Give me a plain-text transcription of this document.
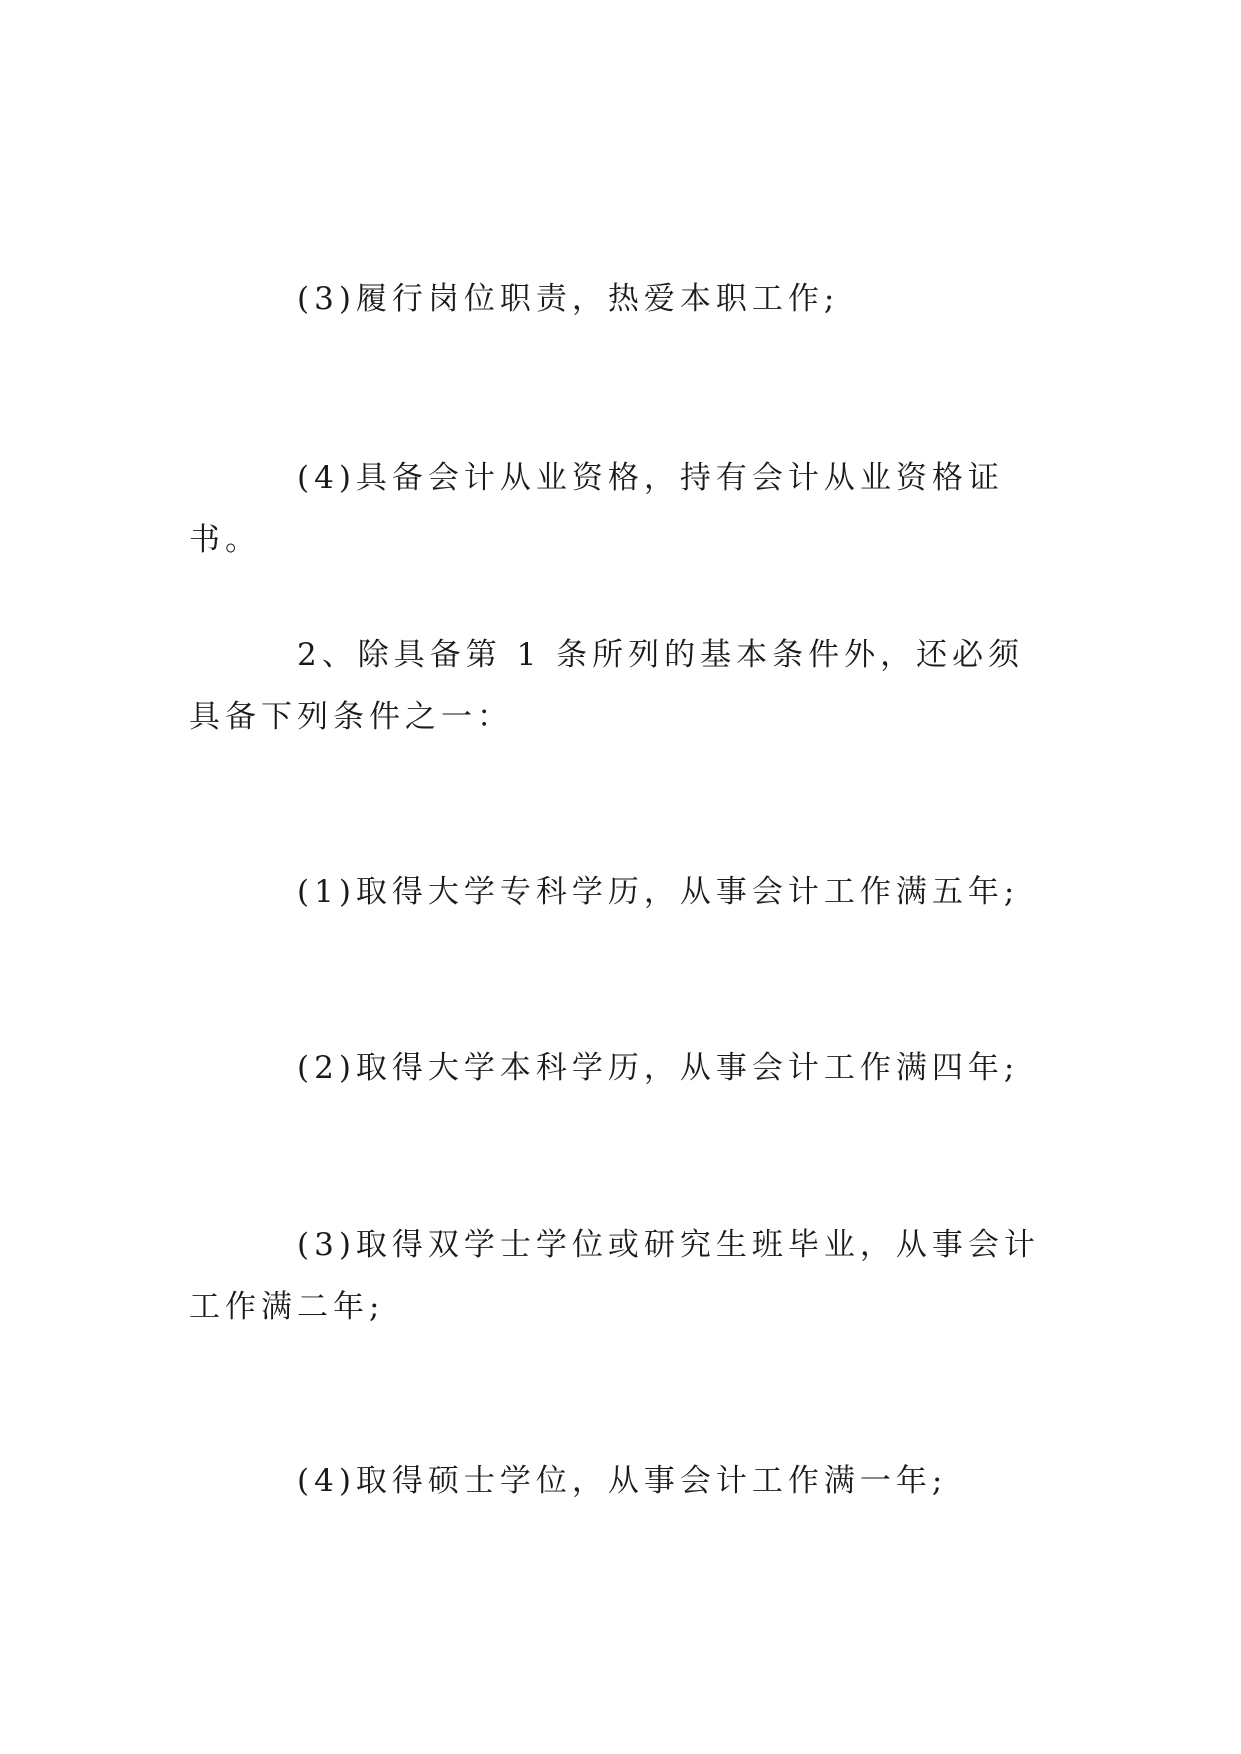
(3)履行岗位职责，热爱本职工作;

(4)具备会计从业资格，持有会计从业资格证书。

2、除具备第 1 条所列的基本条件外，还必须具备下列条件之一：

(1)取得大学专科学历，从事会计工作满五年;

(2)取得大学本科学历，从事会计工作满四年;

(3)取得双学士学位或研究生班毕业，从事会计工作满二年;

(4)取得硕士学位，从事会计工作满一年;
